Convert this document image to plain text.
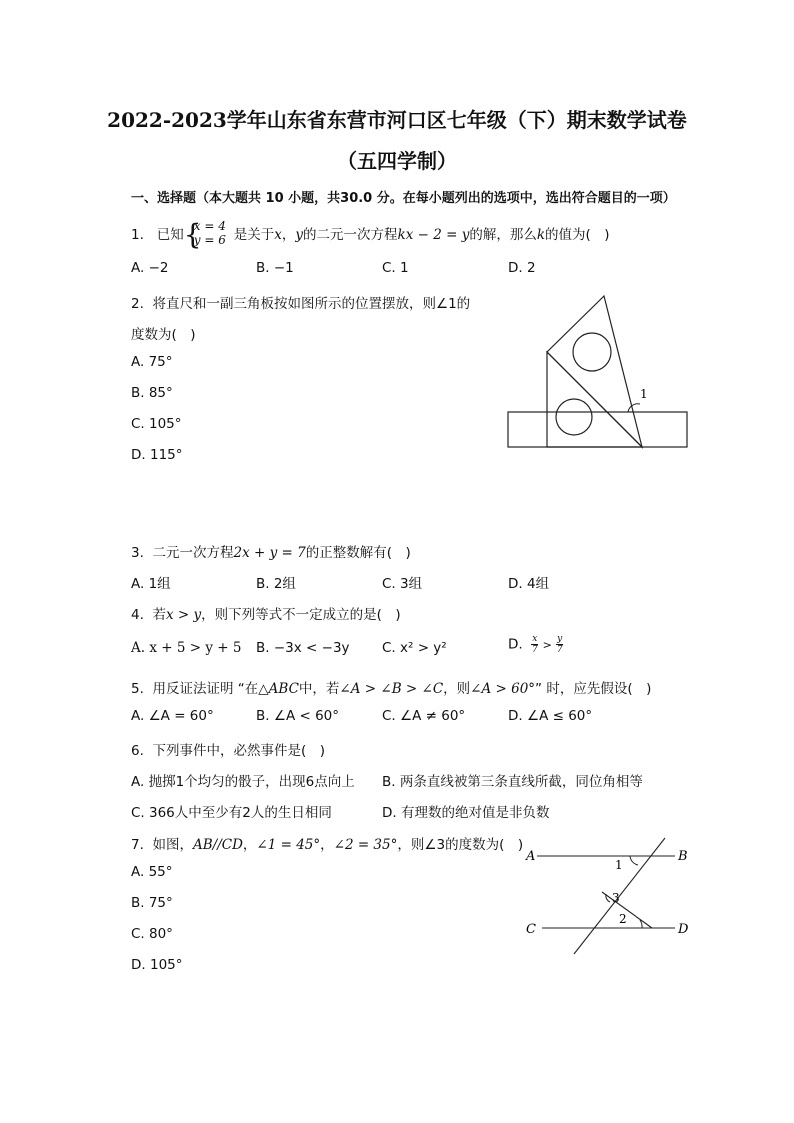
2022-2023学年山东省东营市河口区七年级（下）期末数学试卷
（五四学制）
一、选择题（本大题共 10 小题，共30.0 分。在每小题列出的选项中，选出符合题目的一项）
1. 已知 {
x = 4
y = 6 是关于x，y的二元一次方程kx − 2 = y的解，那么k的值为(　)
A. −2	B. −1	C. 1	D. 2
2. 将直尺和一副三角板按如图所示的位置摆放，则∠1的
度数为(　)
A. 75°
B. 85°
C. 105°
D. 115°
1
3. 二元一次方程2x + y = 7的正整数解有(　)
A. 1组	B. 2组	C. 3组	D. 4组
4. 若x > y，则下列等式不一定成立的是(　)
A. x + 5 > y + 5 B. −3x < −3y C. x² > y²	D. $\frac{x}{7} > \frac{y}{7}$
5. 用反证法证明 “在△ABC中，若∠A > ∠B > ∠C，则∠A > 60°” 时，应先假设(　)
A. ∠A = 60°	B. ∠A < 60°	C. ∠A ≠ 60°	D. ∠A ≤ 60°
6. 下列事件中，必然事件是(　)
A. 抛掷1个均匀的骰子，出现6点向上 B. 两条直线被第三条直线所截，同位角相等
C. 366人中至少有2人的生日相同	D. 有理数的绝对值是非负数
7. 如图，AB//CD，∠1 = 45°，∠2 = 35°，则∠3的度数为(　)
A. 55°
B. 75°
C. 80°
D. 105°
A	B
C	D
1
2
3
